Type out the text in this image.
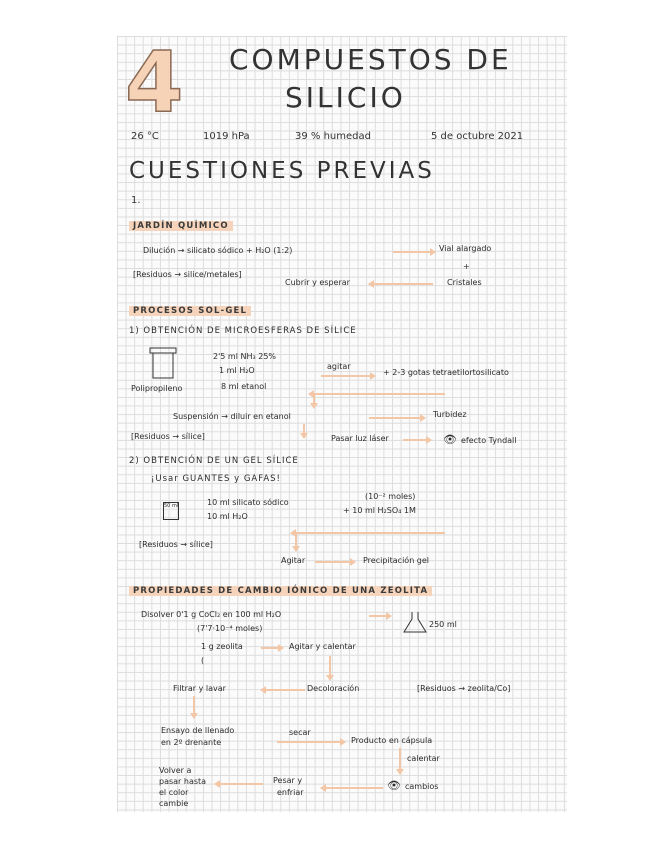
4 COMPUESTOS DE
SILICIO
26 °C	1019 hPa	39 % humedad	5 de octubre 2021
CUESTIONES PREVIAS
1.
JARDÍN QUÍMICO
Dilución → silicato sódico + H₂O (1:2)	Vial alargado
+
[Residuos → silice/metales]
Cubrir y esperar	Cristales
PROCESOS SOL-GEL
1) OBTENCIÓN DE MICROESFERAS DE SÍLICE
2'5 ml NH₃ 25%
1 ml H₂O
Polipropileno	8 ml etanol
agitar
+ 2-3 gotas tetraetilortosilicato
Suspensión → diluir en etanol	Turbidez
[Residuos → sílice]	Pasar luz láser	👁 efecto Tyndall
2) OBTENCIÓN DE UN GEL SÍLICE
¡Usar GUANTES y GAFAS!
50 ml	10 ml silicato sódico
10 ml H₂O
(10⁻² moles)
+ 10 ml H₂SO₄ 1M
[Residuos → sílice]
Agitar	Precipitación gel
PROPIEDADES DE CAMBIO IÓNICO DE UNA ZEOLITA
Disolver 0'1 g CoCl₂ en 100 ml H₂O
(7'7·10⁻⁴ moles)	250 ml
1 g zeolita	Agitar y calentar
(
Filtrar y lavar	Decoloración	[Residuos → zeolita/Co]
Ensayo de llenado
en 2º drenante
secar
Producto en cápsula
calentar
Volver a
pasar hasta
el color
cambie
Pesar y
enfriar
👁 cambios
